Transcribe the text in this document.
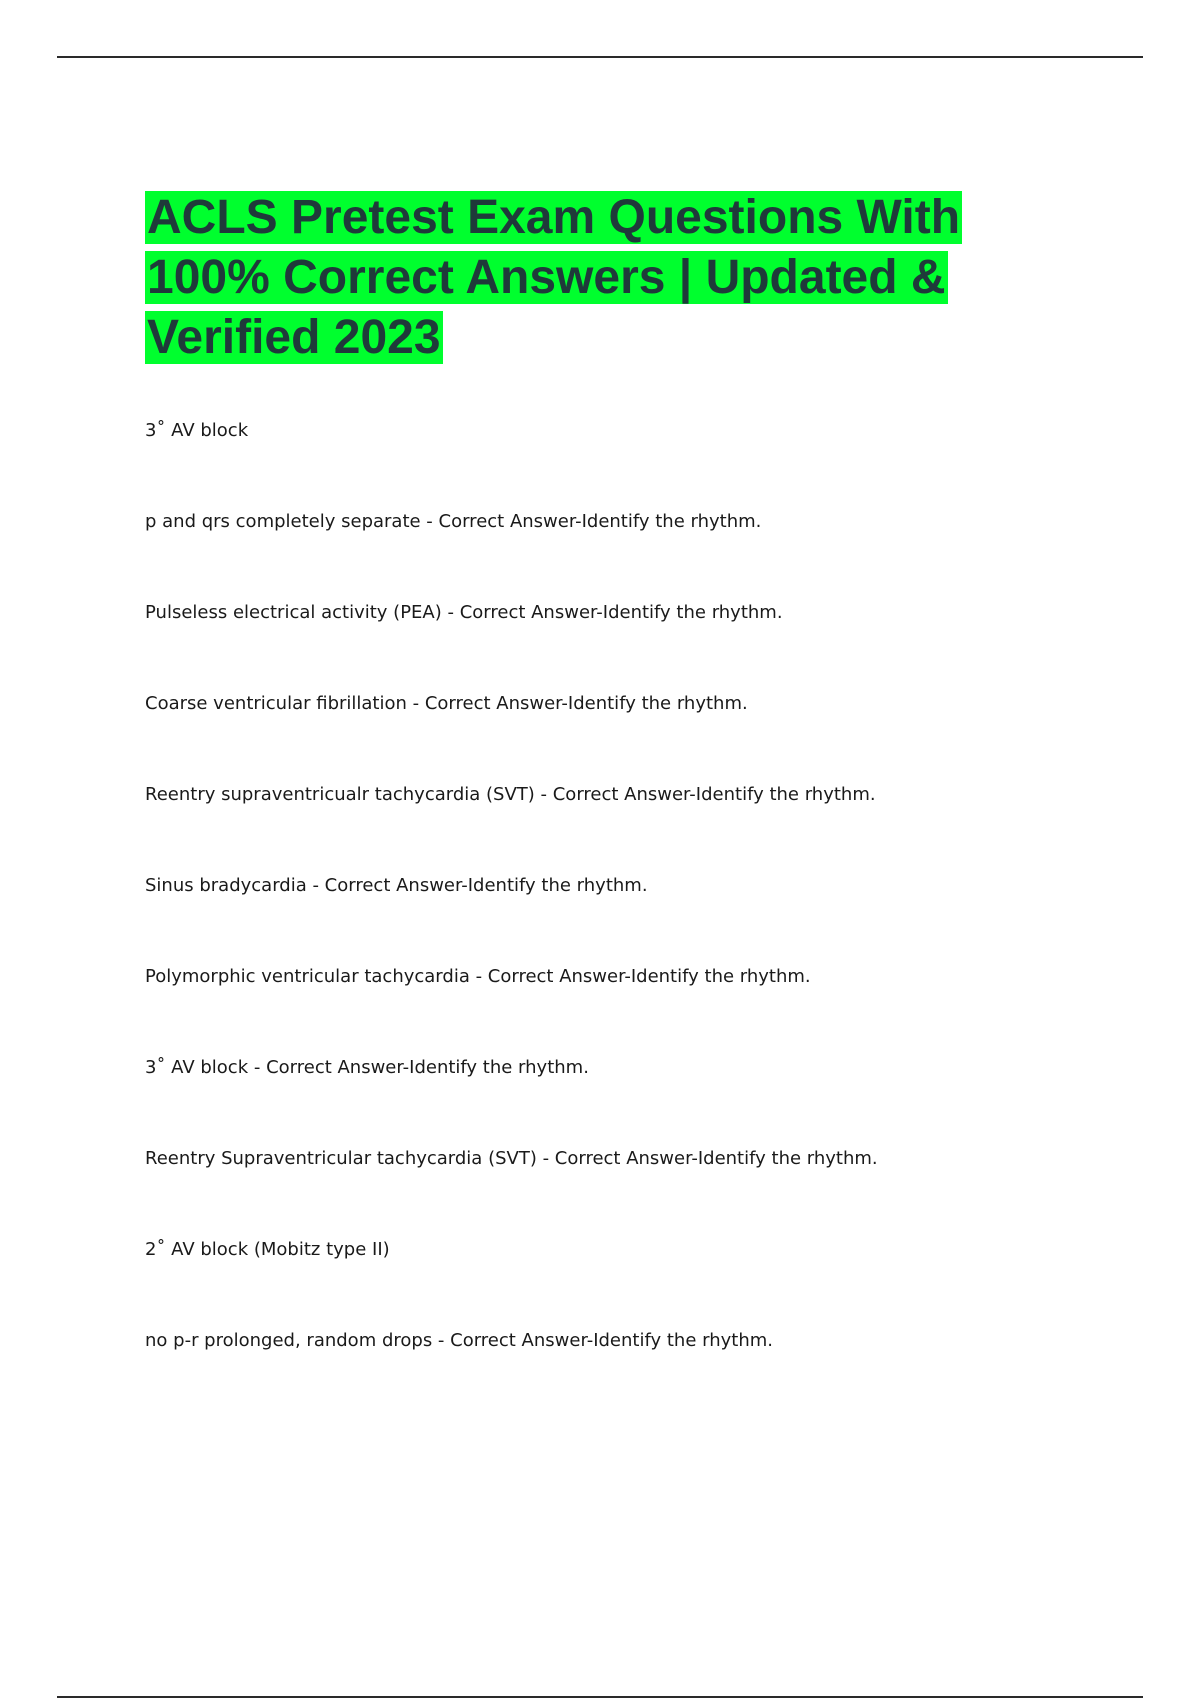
ACLS Pretest Exam Questions With 100% Correct Answers | Updated & Verified 2023
3˚ AV block
p and qrs completely separate - Correct Answer-Identify the rhythm.
Pulseless electrical activity (PEA) - Correct Answer-Identify the rhythm.
Coarse ventricular fibrillation - Correct Answer-Identify the rhythm.
Reentry supraventricualr tachycardia (SVT) - Correct Answer-Identify the rhythm.
Sinus bradycardia - Correct Answer-Identify the rhythm.
Polymorphic ventricular tachycardia - Correct Answer-Identify the rhythm.
3˚ AV block - Correct Answer-Identify the rhythm.
Reentry Supraventricular tachycardia (SVT) - Correct Answer-Identify the rhythm.
2˚ AV block (Mobitz type II)
no p-r prolonged, random drops - Correct Answer-Identify the rhythm.
